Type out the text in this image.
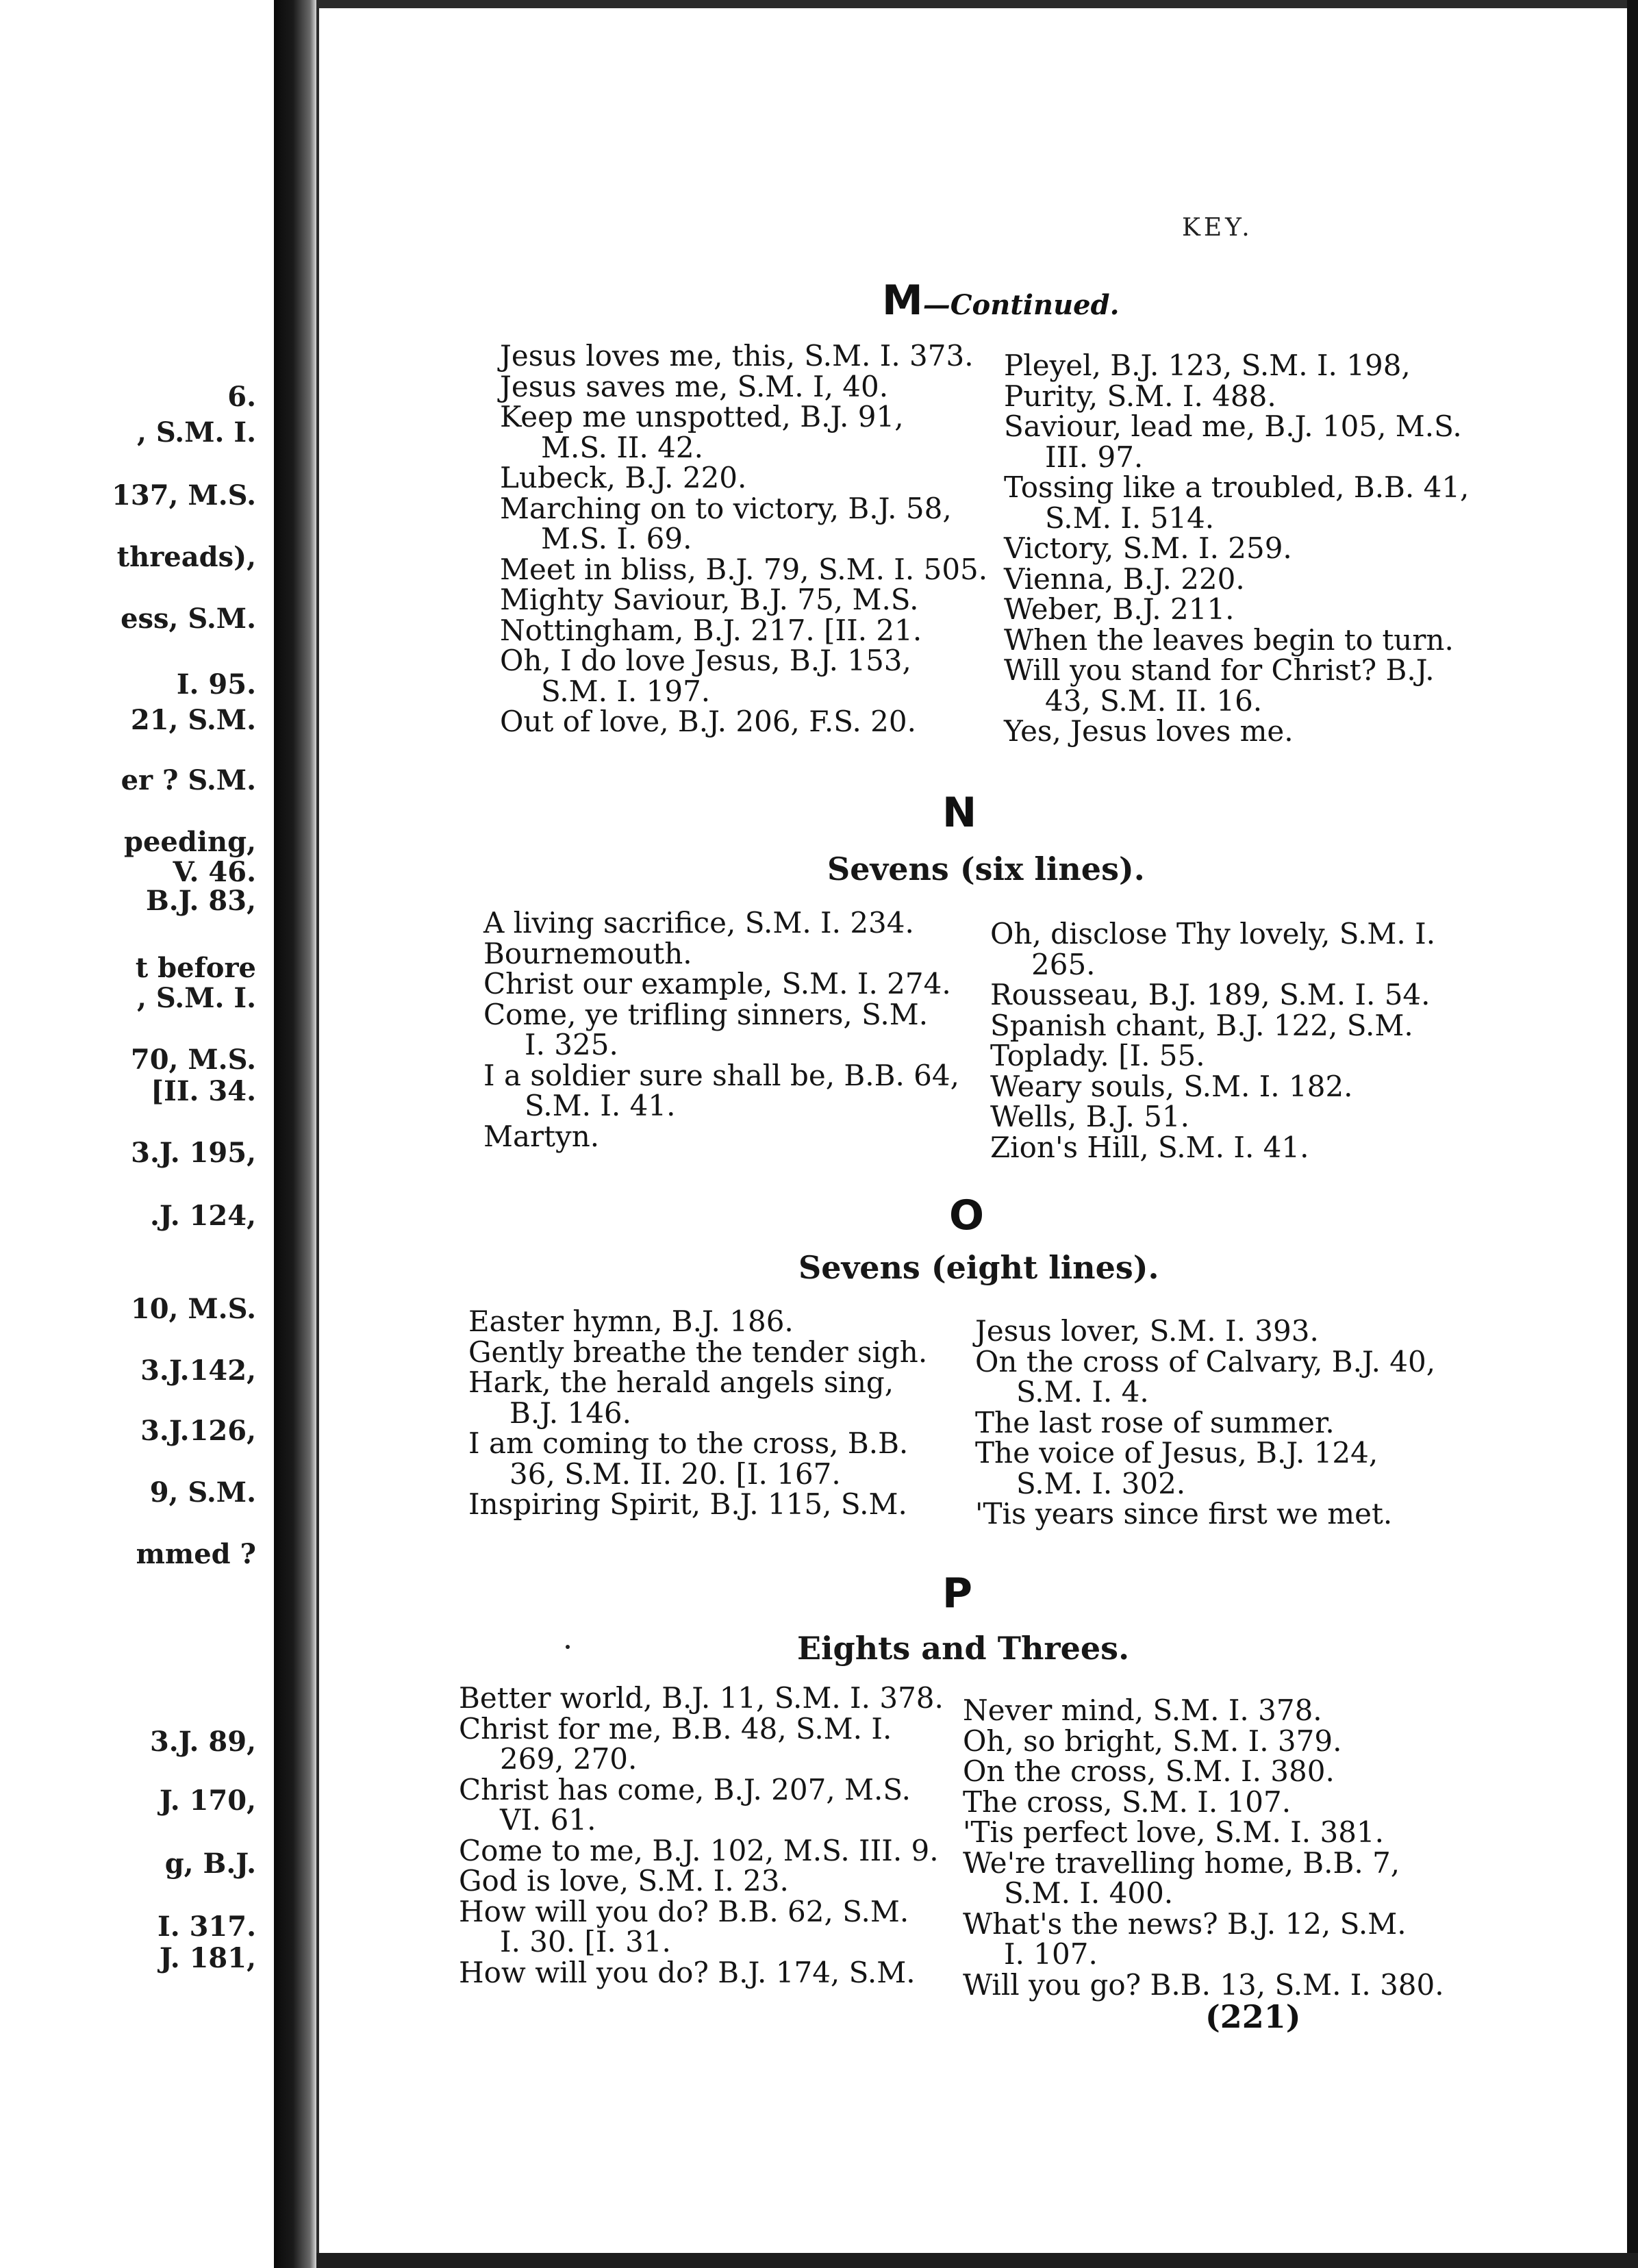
6.
, S.M. I.
137, M.S.
threads),
ess, S.M.
I. 95.
21, S.M.
er ? S.M.
peeding,
V. 46.
B.J. 83,
t before
, S.M. I.
70, M.S.
[II. 34.
3.J. 195,
.J. 124,
10, M.S.
3.J.142,
3.J.126,
9, S.M.
mmed ?
3.J. 89,
J. 170,
g, B.J.
I. 317.
J. 181,
KEY.
M—Continued.

Jesus loves me, this, S.M. I. 373.

Jesus saves me, S.M. I, 40.

Keep me unspotted, B.J. 91,
M.S. II. 42.

Lubeck, B.J. 220.

Marching on to victory, B.J. 58,
M.S. I. 69.

Meet in bliss, B.J. 79, S.M. I. 505.

Mighty Saviour, B.J. 75, M.S.

Nottingham, B.J. 217. [II. 21.

Oh, I do love Jesus, B.J. 153,
S.M. I. 197.

Out of love, B.J. 206, F.S. 20.

Pleyel, B.J. 123, S.M. I. 198,

Purity, S.M. I. 488.

Saviour, lead me, B.J. 105, M.S.
III. 97.

Tossing like a troubled, B.B. 41,
S.M. I. 514.

Victory, S.M. I. 259.

Vienna, B.J. 220.

Weber, B.J. 211.

When the leaves begin to turn.

Will you stand for Christ? B.J.
43, S.M. II. 16.

Yes, Jesus loves me.

N
Sevens (six lines).

A living sacrifice, S.M. I. 234.

Bournemouth.

Christ our example, S.M. I. 274.

Come, ye trifling sinners, S.M.
I. 325.

I a soldier sure shall be, B.B. 64,
S.M. I. 41.

Martyn.

Oh, disclose Thy lovely, S.M. I.
265.

Rousseau, B.J. 189, S.M. I. 54.

Spanish chant, B.J. 122, S.M.

Toplady. [I. 55.

Weary souls, S.M. I. 182.

Wells, B.J. 51.

Zion's Hill, S.M. I. 41.

O
Sevens (eight lines).

Easter hymn, B.J. 186.

Gently breathe the tender sigh.

Hark, the herald angels sing,
B.J. 146.

I am coming to the cross, B.B.
36, S.M. II. 20. [I. 167.

Inspiring Spirit, B.J. 115, S.M.

Jesus lover, S.M. I. 393.

On the cross of Calvary, B.J. 40,
S.M. I. 4.

The last rose of summer.

The voice of Jesus, B.J. 124,
S.M. I. 302.

'Tis years since first we met.

P
Eights and Threes.

Better world, B.J. 11, S.M. I. 378.

Christ for me, B.B. 48, S.M. I.
269, 270.

Christ has come, B.J. 207, M.S.
VI. 61.

Come to me, B.J. 102, M.S. III. 9.

God is love, S.M. I. 23.

How will you do? B.B. 62, S.M.
I. 30. [I. 31.

How will you do? B.J. 174, S.M.

Never mind, S.M. I. 378.

Oh, so bright, S.M. I. 379.

On the cross, S.M. I. 380.

The cross, S.M. I. 107.

'Tis perfect love, S.M. I. 381.

We're travelling home, B.B. 7,
S.M. I. 400.

What's the news? B.J. 12, S.M.
I. 107.

Will you go? B.B. 13, S.M. I. 380.

(221)
